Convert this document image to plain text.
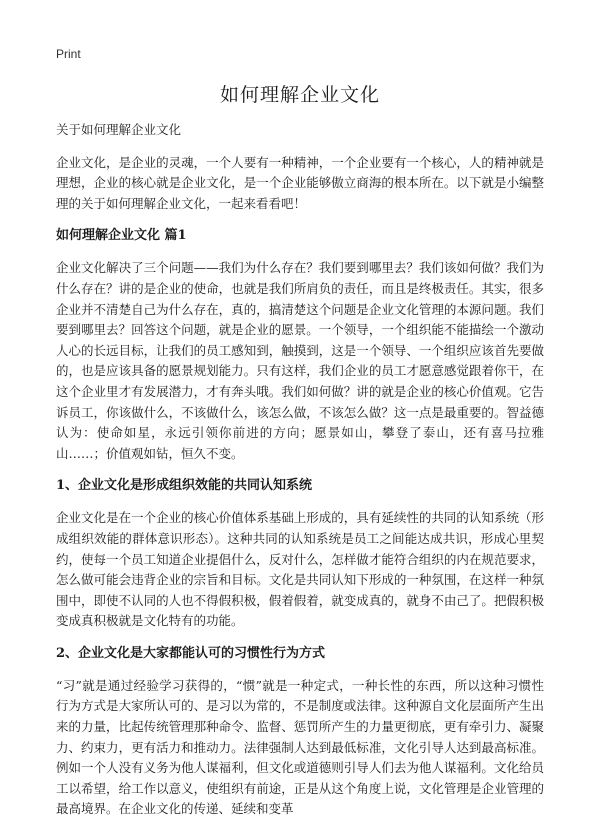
Print
如何理解企业文化

关于如何理解企业文化

企业文化，是企业的灵魂，一个人要有一种精神，一个企业要有一个核心，人的精神就是理想，企业的核心就是企业文化，是一个企业能够傲立商海的根本所在。以下就是小编整理的关于如何理解企业文化，一起来看看吧！

如何理解企业文化 篇1

企业文化解决了三个问题——我们为什么存在？我们要到哪里去？我们该如何做？我们为什么存在？讲的是企业的使命，也就是我们所肩负的责任，而且是终极责任。其实，很多企业并不清楚自己为什么存在，真的，搞清楚这个问题是企业文化管理的本源问题。我们要到哪里去？回答这个问题，就是企业的愿景。一个领导，一个组织能不能描绘一个激动人心的长远目标，让我们的员工感知到，触摸到，这是一个领导、一个组织应该首先要做的，也是应该具备的愿景规划能力。只有这样，我们企业的员工才愿意感觉跟着你干，在这个企业里才有发展潜力，才有奔头哦。我们如何做？讲的就是企业的核心价值观。它告诉员工，你该做什么，不该做什么，该怎么做，不该怎么做？这一点是最重要的。智益德认为：使命如星，永远引领你前进的方向；愿景如山，攀登了泰山，还有喜马拉雅山……；价值观如钻，恒久不变。

1、企业文化是形成组织效能的共同认知系统

企业文化是在一个企业的核心价值体系基础上形成的，具有延续性的共同的认知系统（形成组织效能的群体意识形态）。这种共同的认知系统是员工之间能达成共识，形成心里契约，使每一个员工知道企业提倡什么，反对什么，怎样做才能符合组织的内在规范要求，怎么做可能会违背企业的宗旨和目标。文化是共同认知下形成的一种氛围，在这样一种氛围中，即使不认同的人也不得假积极，假着假着，就变成真的，就身不由己了。把假积极变成真积极就是文化特有的功能。

2、企业文化是大家都能认可的习惯性行为方式

“习”就是通过经验学习获得的，“惯”就是一种定式，一种长性的东西，所以这种习惯性行为方式是大家所认可的、是习以为常的，不是制度或法律。这种源自文化层面所产生出来的力量，比起传统管理那种命令、监督、惩罚所产生的力量更彻底，更有牵引力、凝聚力、约束力，更有活力和推动力。法律强制人达到最低标准，文化引导人达到最高标准。例如一个人没有义务为他人谋福利，但文化或道德则引导人们去为他人谋福利。文化给员工以希望，给工作以意义，使组织有前途，正是从这个角度上说，文化管理是企业管理的最高境界。在企业文化的传递、延续和变革
